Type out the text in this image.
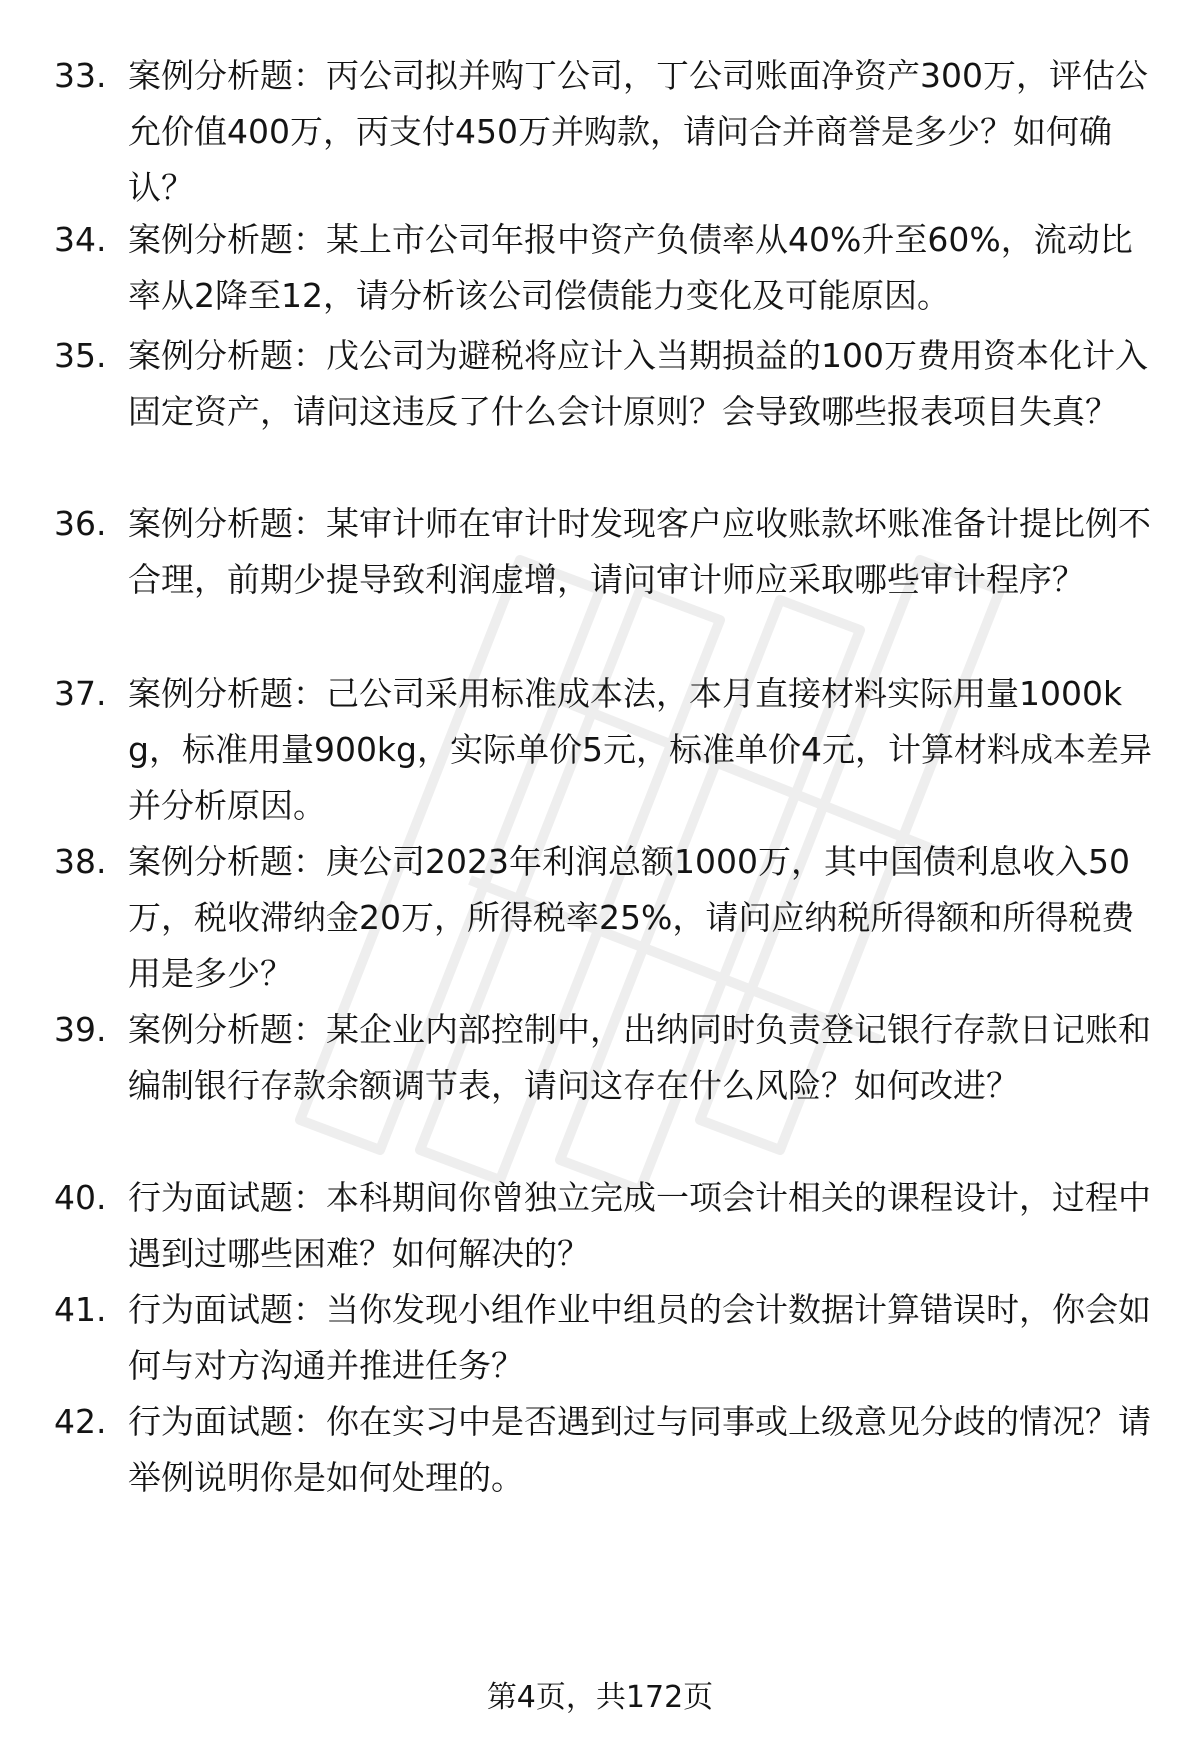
33. 案例分析题：丙公司拟并购丁公司，丁公司账面净资产300万，评估公允价值400万，丙支付450万并购款，请问合并商誉是多少？如何确认？
34. 案例分析题：某上市公司年报中资产负债率从40%升至60%，流动比率从2降至12，请分析该公司偿债能力变化及可能原因。
35. 案例分析题：戊公司为避税将应计入当期损益的100万费用资本化计入固定资产，请问这违反了什么会计原则？会导致哪些报表项目失真？
36. 案例分析题：某审计师在审计时发现客户应收账款坏账准备计提比例不合理，前期少提导致利润虚增，请问审计师应采取哪些审计程序？
37. 案例分析题：己公司采用标准成本法，本月直接材料实际用量1000kg，标准用量900kg，实际单价5元，标准单价4元，计算材料成本差异并分析原因。
38. 案例分析题：庚公司2023年利润总额1000万，其中国债利息收入50万，税收滞纳金20万，所得税率25%，请问应纳税所得额和所得税费用是多少？
39. 案例分析题：某企业内部控制中，出纳同时负责登记银行存款日记账和编制银行存款余额调节表，请问这存在什么风险？如何改进？
40. 行为面试题：本科期间你曾独立完成一项会计相关的课程设计，过程中遇到过哪些困难？如何解决的？
41. 行为面试题：当你发现小组作业中组员的会计数据计算错误时，你会如何与对方沟通并推进任务？
42. 行为面试题：你在实习中是否遇到过与同事或上级意见分歧的情况？请举例说明你是如何处理的。
第4页，共172页
